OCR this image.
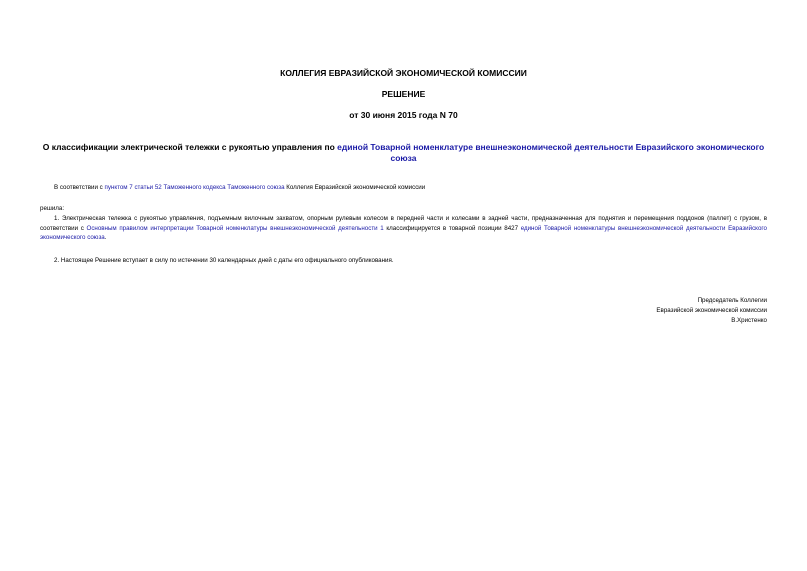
КОЛЛЕГИЯ ЕВРАЗИЙСКОЙ ЭКОНОМИЧЕСКОЙ КОМИССИИ
РЕШЕНИЕ
от 30 июня 2015 года N 70
О классификации электрической тележки с рукоятью управления по единой Товарной номенклатуре внешнеэкономической деятельности Евразийского экономического союза
В соответствии с пунктом 7 статьи 52 Таможенного кодекса Таможенного союза Коллегия Евразийской экономической комиссии
решила:
1. Электрическая тележка с рукоятью управления, подъемным вилочным захватом, опорным рулевым колесом в передней части и колесами в задней части, предназначенная для поднятия и перемещения поддонов (паллет) с грузом, в соответствии с Основным правилом интерпретации Товарной номенклатуры внешнеэкономической деятельности 1 классифицируется в товарной позиции 8427 единой Товарной номенклатуры внешнеэкономической деятельности Евразийского экономического союза.
2. Настоящее Решение вступает в силу по истечении 30 календарных дней с даты его официального опубликования.
Председатель Коллегии
Евразийской экономической комиссии
В.Христенко
